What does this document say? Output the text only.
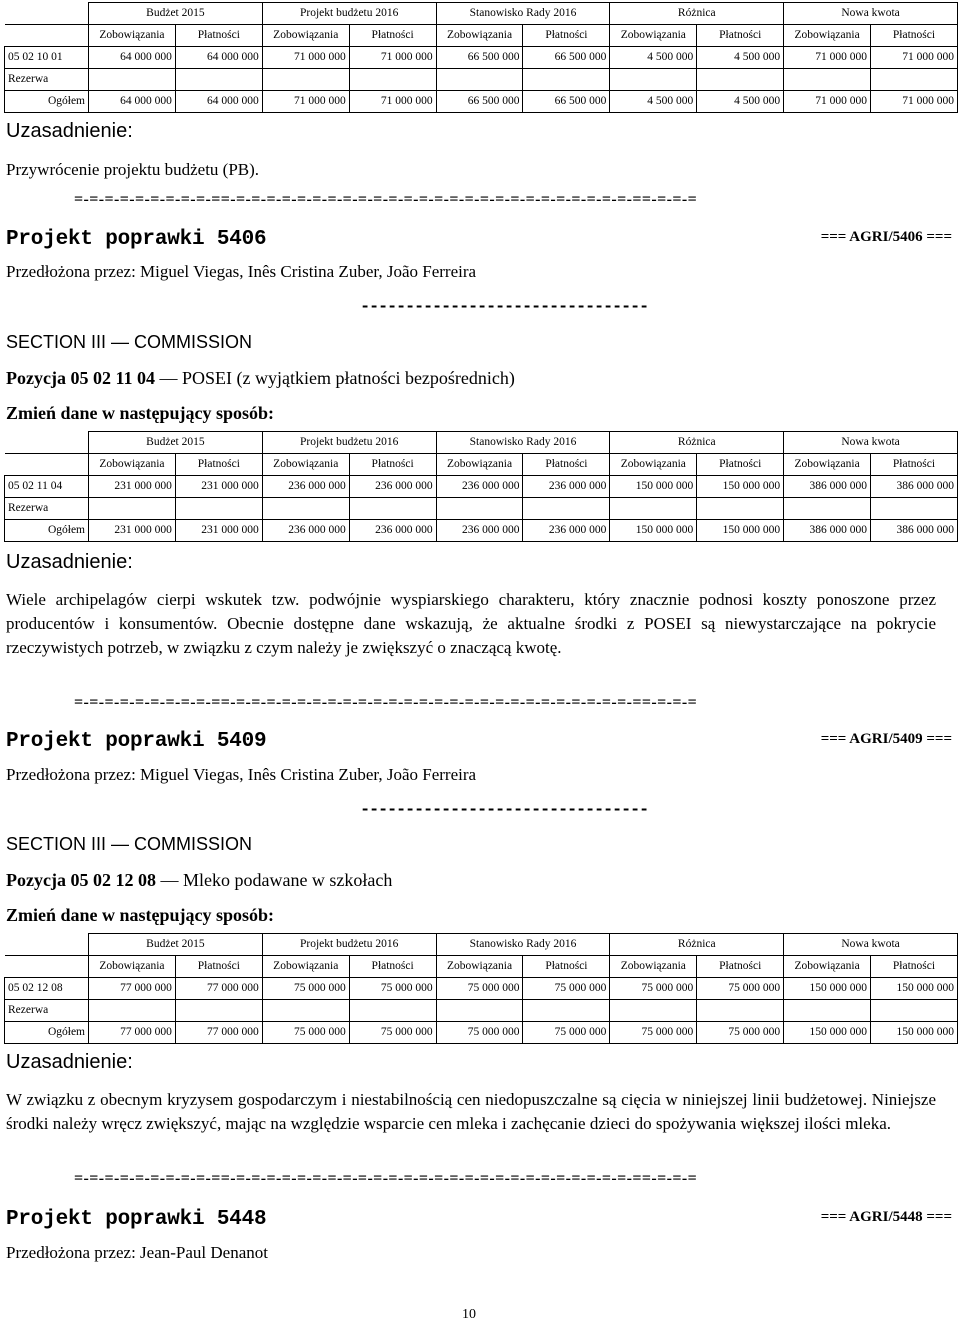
	Budżet 2015		Projekt budżetu 2016		Stanowisko Rady 2016		Różnica		Nowa kwota	
	Zobowiązania	Płatności	Zobowiązania	Płatności	Zobowiązania	Płatności	Zobowiązania	Płatności	Zobowiązania	Płatności
05 02 10 01	64 000 000	64 000 000	71 000 000	71 000 000	66 500 000	66 500 000	4 500 000	4 500 000	71 000 000	71 000 000
Rezerwa										
Ogółem	64 000 000	64 000 000	71 000 000	71 000 000	66 500 000	66 500 000	4 500 000	4 500 000	71 000 000	71 000 000
Uzasadnienie:
Przywrócenie projektu budżetu (PB).
=-=-=-=-=-=-=-=-=-==-=-=-=-=-=-=-=-=-=-=-=-=-=-=-=-=-=-=-=-=-=-=-=-=-=-=-==-=-=-=
Projekt poprawki 5406	=== AGRI/5406 ===
Przedłożona przez: Miguel Viegas, Inês Cristina Zuber, João Ferreira
--------------------------------
SECTION III — COMMISSION
Pozycja 05 02 11 04 — POSEI (z wyjątkiem płatności bezpośrednich)
Zmień dane w następujący sposób:
	Budżet 2015		Projekt budżetu 2016		Stanowisko Rady 2016		Różnica		Nowa kwota	
	Zobowiązania	Płatności	Zobowiązania	Płatności	Zobowiązania	Płatności	Zobowiązania	Płatności	Zobowiązania	Płatności
05 02 11 04	231 000 000	231 000 000	236 000 000	236 000 000	236 000 000	236 000 000	150 000 000	150 000 000	386 000 000	386 000 000
Rezerwa										
Ogółem	231 000 000	231 000 000	236 000 000	236 000 000	236 000 000	236 000 000	150 000 000	150 000 000	386 000 000	386 000 000
Uzasadnienie:
Wiele archipelagów cierpi wskutek tzw. podwójnie wyspiarskiego charakteru, który znacznie podnosi koszty ponoszone przez producentów i konsumentów. Obecnie dostępne dane wskazują, że aktualne środki z POSEI są niewystarczające na pokrycie rzeczywistych potrzeb, w związku z czym należy je zwiększyć o znaczącą kwotę.
=-=-=-=-=-=-=-=-=-==-=-=-=-=-=-=-=-=-=-=-=-=-=-=-=-=-=-=-=-=-=-=-=-=-=-=-==-=-=-=
Projekt poprawki 5409	=== AGRI/5409 ===
Przedłożona przez: Miguel Viegas, Inês Cristina Zuber, João Ferreira
--------------------------------
SECTION III — COMMISSION
Pozycja 05 02 12 08 — Mleko podawane w szkołach
Zmień dane w następujący sposób:
	Budżet 2015		Projekt budżetu 2016		Stanowisko Rady 2016		Różnica		Nowa kwota	
	Zobowiązania	Płatności	Zobowiązania	Płatności	Zobowiązania	Płatności	Zobowiązania	Płatności	Zobowiązania	Płatności
05 02 12 08	77 000 000	77 000 000	75 000 000	75 000 000	75 000 000	75 000 000	75 000 000	75 000 000	150 000 000	150 000 000
Rezerwa										
Ogółem	77 000 000	77 000 000	75 000 000	75 000 000	75 000 000	75 000 000	75 000 000	75 000 000	150 000 000	150 000 000
Uzasadnienie:
W związku z obecnym kryzysem gospodarczym i niestabilnością cen niedopuszczalne są cięcia w niniejszej linii budżetowej. Niniejsze środki należy wręcz zwiększyć, mając na względzie wsparcie cen mleka i zachęcanie dzieci do spożywania większej ilości mleka.
=-=-=-=-=-=-=-=-=-==-=-=-=-=-=-=-=-=-=-=-=-=-=-=-=-=-=-=-=-=-=-=-=-=-=-=-==-=-=-=
Projekt poprawki 5448	=== AGRI/5448 ===
Przedłożona przez: Jean-Paul Denanot
10
